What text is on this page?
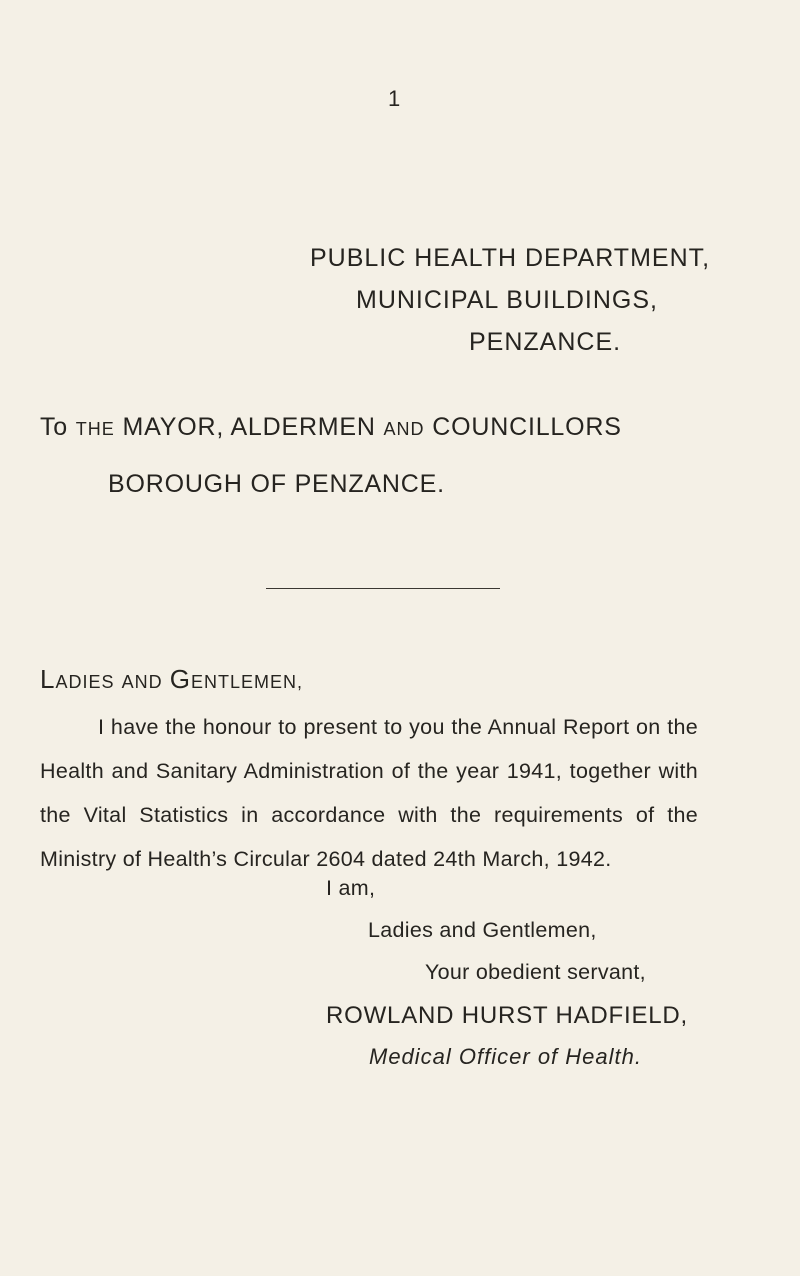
1
PUBLIC HEALTH DEPARTMENT,
MUNICIPAL BUILDINGS,
PENZANCE.
To THE MAYOR, ALDERMEN AND COUNCILLORS
BOROUGH OF PENZANCE.
LADIES AND GENTLEMEN,

I have the honour to present to you the Annual Report on the Health and Sanitary Administration of the year 1941, together with the Vital Statistics in accordance with the requirements of the Ministry of Health’s Circular 2604 dated 24th March, 1942.

I am,
Ladies and Gentlemen,
Your obedient servant,
ROWLAND HURST HADFIELD,
Medical Officer of Health.
